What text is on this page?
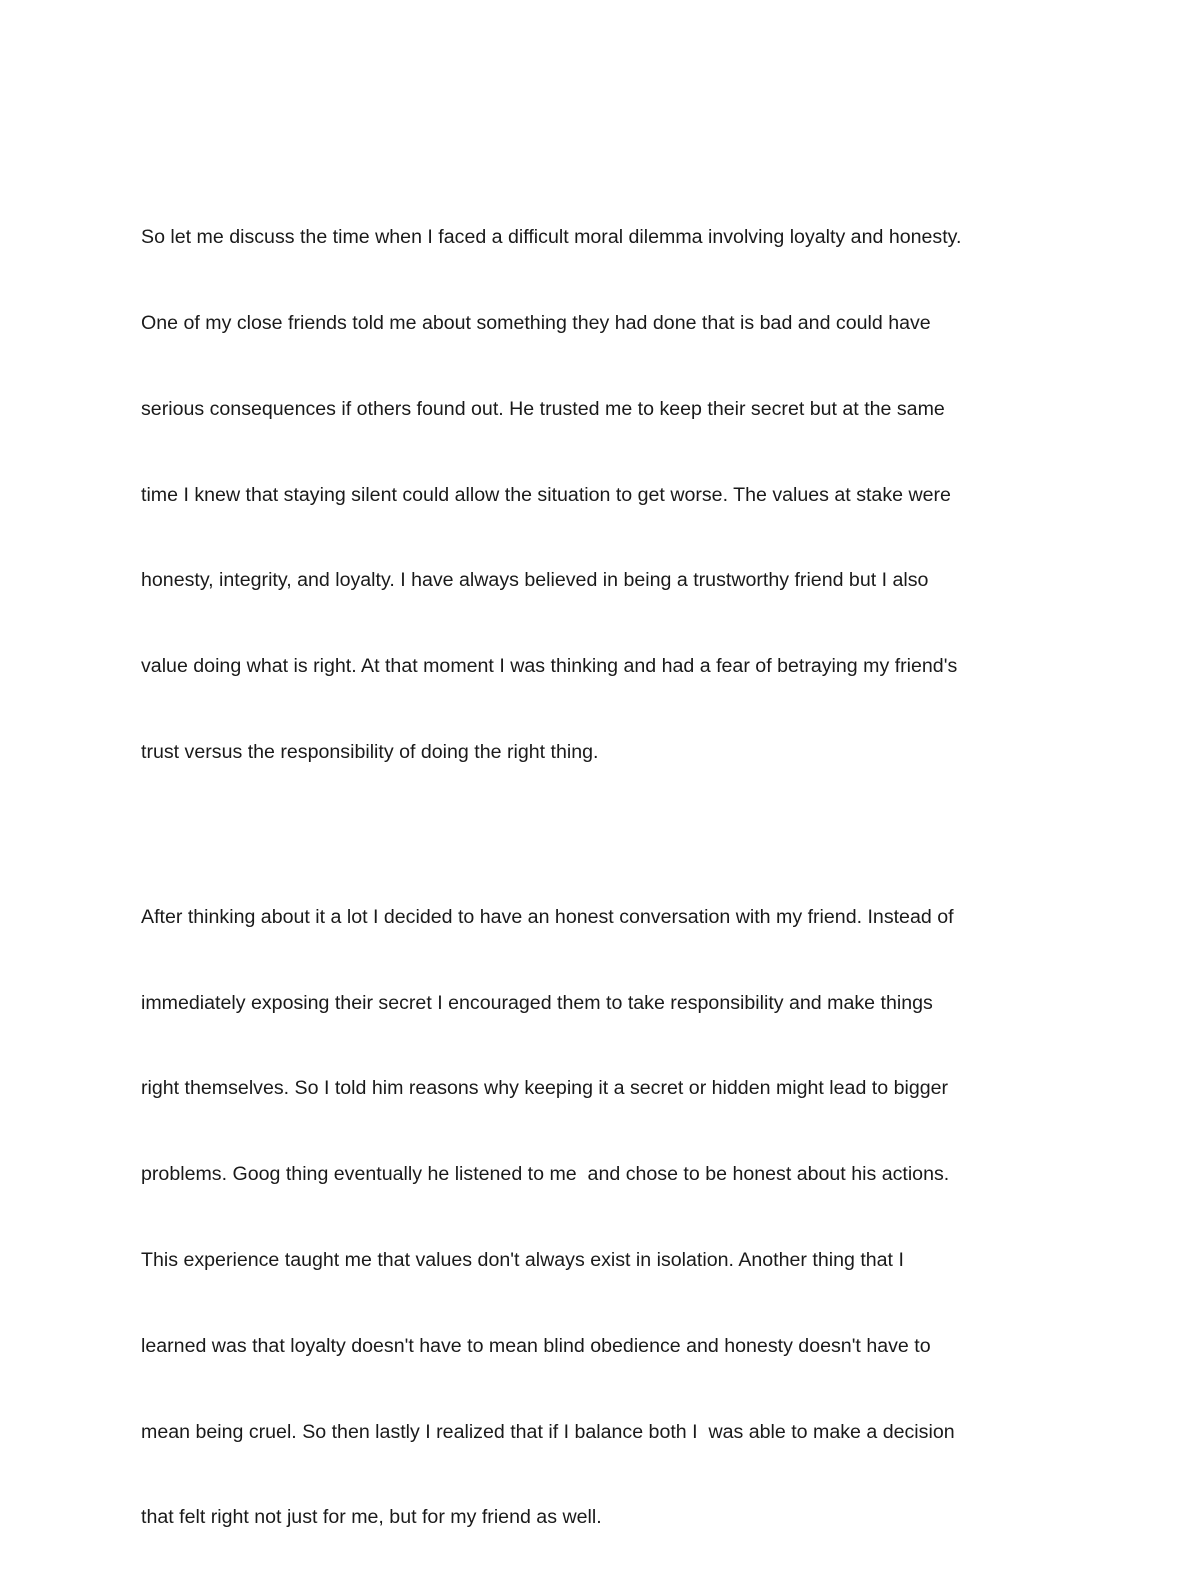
So let me discuss the time when I faced a difficult moral dilemma involving loyalty and honesty.

One of my close friends told me about something they had done that is bad and could have

serious consequences if others found out. He trusted me to keep their secret but at the same

time I knew that staying silent could allow the situation to get worse. The values at stake were

honesty, integrity, and loyalty. I have always believed in being a trustworthy friend but I also

value doing what is right. At that moment I was thinking and had a fear of betraying my friend's

trust versus the responsibility of doing the right thing.

After thinking about it a lot I decided to have an honest conversation with my friend. Instead of

immediately exposing their secret I encouraged them to take responsibility and make things

right themselves. So I told him reasons why keeping it a secret or hidden might lead to bigger

problems. Goog thing eventually he listened to me  and chose to be honest about his actions.

This experience taught me that values don't always exist in isolation. Another thing that I

learned was that loyalty doesn't have to mean blind obedience and honesty doesn't have to

mean being cruel. So then lastly I realized that if I balance both I  was able to make a decision

that felt right not just for me, but for my friend as well.
